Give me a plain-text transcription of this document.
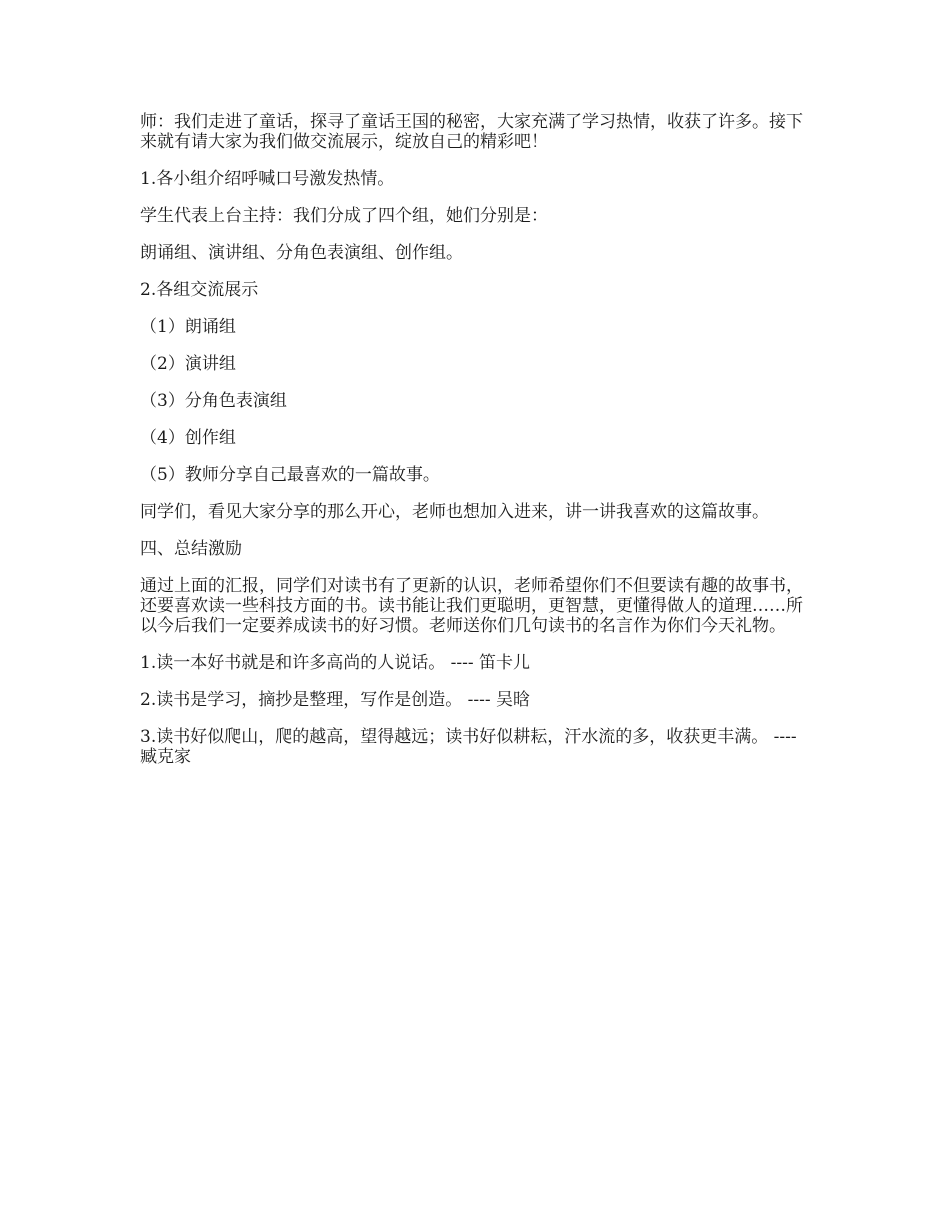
师：我们走进了童话，探寻了童话王国的秘密，大家充满了学习热情，收获了许多。接下来就有请大家为我们做交流展示，绽放自己的精彩吧！

1.各小组介绍呼喊口号激发热情。

学生代表上台主持：我们分成了四个组，她们分别是：

朗诵组、演讲组、分角色表演组、创作组。

2.各组交流展示

（1）朗诵组

（2）演讲组

（3）分角色表演组

（4）创作组

（5）教师分享自己最喜欢的一篇故事。

同学们，看见大家分享的那么开心，老师也想加入进来，讲一讲我喜欢的这篇故事。

四、总结激励

通过上面的汇报，同学们对读书有了更新的认识，老师希望你们不但要读有趣的故事书，还要喜欢读一些科技方面的书。读书能让我们更聪明，更智慧，更懂得做人的道理……所以今后我们一定要养成读书的好习惯。老师送你们几句读书的名言作为你们今天礼物。

1.读一本好书就是和许多高尚的人说话。 ---- 笛卡儿

2.读书是学习，摘抄是整理，写作是创造。 ---- 吴晗

3.读书好似爬山，爬的越高，望得越远；读书好似耕耘，汗水流的多，收获更丰满。 ---- 臧克家
